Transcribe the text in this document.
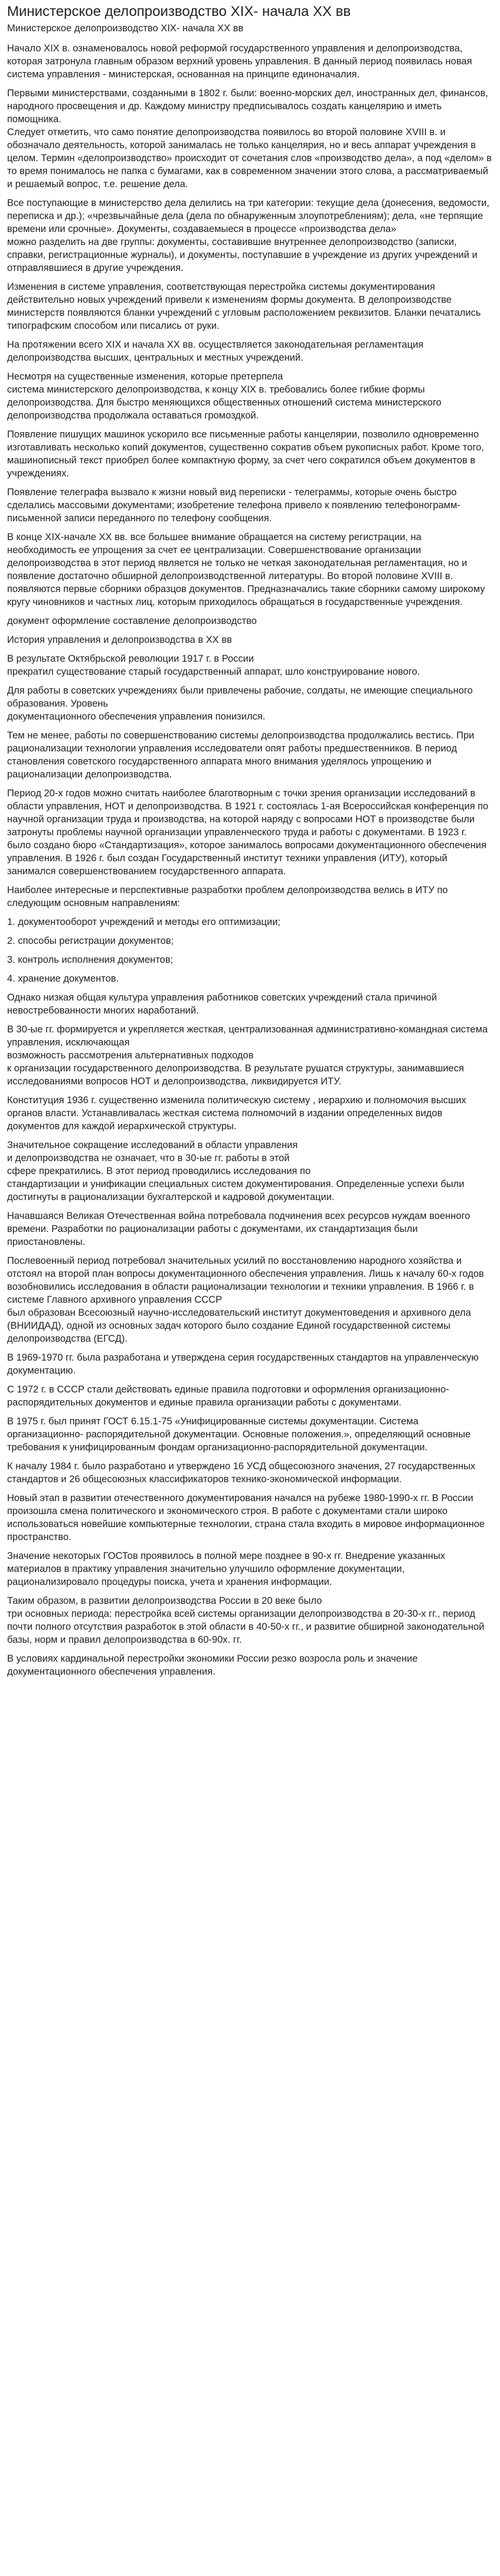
Министерское делопроизводство XIX- начала XX вв
Министерское делопроизводство XIX- начала XX вв

Начало XIX в. ознаменовалось новой реформой государственного управления и делопроизводства, которая затронула главным образом верхний уровень управления. В данный период появилась новая система управления - министерская, основанная на принципе единоначалия.

Первыми министерствами, созданными в 1802 г. были: военно-морских дел, иностранных дел, финансов, народного просвещения и др. Каждому министру предписывалось создать канцелярию и иметь помощника.
Следует отметить, что само понятие делопроизводства появилось во второй половине XVIII в. и обозначало деятельность, которой занималась не только канцелярия, но и весь аппарат учреждения в целом. Термин «делопроизводство» происходит от сочетания слов «производство дела», а под «делом» в то время понималось не папка с бумагами, как в современном значении этого слова, а рассматриваемый и решаемый вопрос, т.е. решение дела.

Все поступающие в министерство дела делились на три категории: текущие дела (донесения, ведомости, переписка и др.); «чрезвычайные дела (дела по обнаруженным злоупотреблениям); дела, «не терпящие времени или срочные». Документы, создаваемыеся в процессе «производства дела»
можно разделить на две группы: документы, составившие внутреннее делопроизводство (записки, справки, регистрационные журналы), и документы, поступавшие в учреждение из других учреждений и отправлявшиеся в другие учреждения.

Изменения в системе управления, соответствующая перестройка системы документирования действительно новых учреждений привели к изменениям формы документа. В делопроизводстве министерств появляются бланки учреждений с угловым расположением реквизитов. Бланки печатались типографским способом или писались от руки.

На протяжении всего XIX и начала XX вв. осуществляется законодательная регламентация делопроизводства высших, центральных и местных учреждений.

Несмотря на существенные изменения, которые претерпела
система министерского делопроизводства, к концу XIX в. требовались более гибкие формы делопроизводства. Для быстро меняющихся общественных отношений система министерского делопроизводства продолжала оставаться громоздкой.

Появление пишущих машинок ускорило все письменные работы канцелярии, позволило одновременно изготавливать несколько копий документов, существенно сократив объем рукописных работ. Кроме того, машинописный текст приобрел более компактную форму, за счет чего сократился объем документов в учреждениях.

Появление телеграфа вызвало к жизни новый вид переписки - телеграммы, которые очень быстро сделались массовыми документами; изобретение телефона привело к появлению телефонограмм- письменной записи переданного по телефону сообщения.

В конце XIX-начале XX вв. все большее внимание обращается на систему регистрации, на необходимость ее упрощения за счет ее централизации. Совершенствование организации делопроизводства в этот период является не только не четкая законодательная регламентация, но и появление достаточно обширной делопроизводственной литературы. Во второй половине XVIII в. появляются первые сборники образцов документов. Предназначались такие сборники самому широкому кругу чиновников и частных лиц, которым приходилось обращаться в государственные учреждения.

документ оформление составление делопроизводство

История управления и делопроизводства в XX вв

В результате Октябрьской революции 1917 г. в России
прекратил существование старый государственный аппарат, шло конструирование нового.

Для работы в советских учреждениях были привлечены рабочие, солдаты, не имеющие специального образования. Уровень
документационного обеспечения управления понизился.

Тем не менее, работы по совершенствованию системы делопроизводства продолжались вестись. При рационализации технологии управления исследователи опят работы предшественников. В период становления советского государственного аппарата много внимания уделялось упрощению и рационализации делопроизводства.

Период 20-х годов можно считать наиболее благотворным с точки зрения организации исследований в области управления, НОТ и делопроизводства. В 1921 г. состоялась 1-ая Всероссийская конференция по научной организации труда и производства, на которой наряду с вопросами НОТ в производстве были затронуты проблемы научной организации управленческого труда и работы с документами. В 1923 г. было создано бюро «Стандартизация», которое занималось вопросами документационного обеспечения управления. В 1926 г. был создан Государственный институт техники управления (ИТУ), который занимался совершенствованием государственного аппарата.

Наиболее интересные и перспективные разработки проблем делопроизводства велись в ИТУ по следующим основным направлениям:

1. документооборот учреждений и методы его оптимизации;

2. способы регистрации документов;

3. контроль исполнения документов;

4. хранение документов.

Однако низкая общая культура управления работников советских учреждений стала причиной невостребованности многих наработаний.

В 30-ые гг. формируется и укрепляется жесткая, централизованная административно-командная система управления, исключающая
возможность рассмотрения альтернативных подходов
к организации государственного делопроизводства. В результате рушатся структуры, занимавшиеся исследованиями вопросов НОТ и делопроизводства, ликвидируется ИТУ.

Конституция 1936 г. существенно изменила политическую систему , иерархию и полномочия высших органов власти. Устанавливалась жесткая система полномочий в издании определенных видов документов для каждой иерархической структуры.

Значительное сокращение исследований в области управления
и делопроизводства не означает, что в 30-ые гг. работы в этой
сфере прекратились. В этот период проводились исследования по
стандартизации и унификации специальных систем документирования. Определенные успехи были достигнуты в рационализации бухгалтерской и кадровой документации.

Начавшаяся Великая Отечественная война потребовала подчинения всех ресурсов нуждам военного времени. Разработки по рационализации работы с документами, их стандартизация были приостановлены.

Послевоенный период потребовал значительных усилий по восстановлению народного хозяйства и отстоял на второй план вопросы документационного обеспечения управления. Лишь к началу 60-х годов
возобновились исследования в области рационализации технологии и техники управления. В 1966 г. в системе Главного архивного управления СССР
был образован Всесоюзный научно-исследовательский институт документоведения и архивного дела (ВНИИДАД), одной из основных задач которого было создание Единой государственной системы делопроизводства (ЕГСД).

В 1969-1970 гг. была разработана и утверждена серия государственных стандартов на управленческую документацию.

С 1972 г. в СССР стали действовать единые правила подготовки и оформления организационно-распорядительных документов и единые правила организации работы с документами.

В 1975 г. был принят ГОСТ 6.15.1-75 «Унифицированные системы документации. Система организационно- распорядительной документации. Основные положения.», определяющий основные требования к унифицированным фондам организационно-распорядительной документации.

К началу 1984 г. было разработано и утверждено 16 УСД общесоюзного значения, 27 государственных стандартов и 26 общесоюзных классификаторов технико-экономической информации.

Новый этап в развитии отечественного документирования начался на рубеже 1980-1990-х гг. В России произошла смена политического и экономического строя. В работе с документами стали широко использоваться новейшие компьютерные технологии, страна стала входить в мировое информационное пространство.

Значение некоторых ГОСТов проявилось в полной мере позднее в 90-х гг. Внедрение указанных материалов в практику управления значительно улучшило оформление документации, рационализировало процедуры поиска, учета и хранения информации.

Таким образом, в развитии делопроизводства России в 20 веке было
три основных периода: перестройка всей системы организации делопроизводства в 20-30-х гг., период почти полного отсутствия разработок в этой области в 40-50-х гг., и развитие обширной законодательной базы, норм и правил делопроизводства в 60-90х. гг.

В условиях кардинальной перестройки экономики России резко возросла роль и значение документационного обеспечения управления.
